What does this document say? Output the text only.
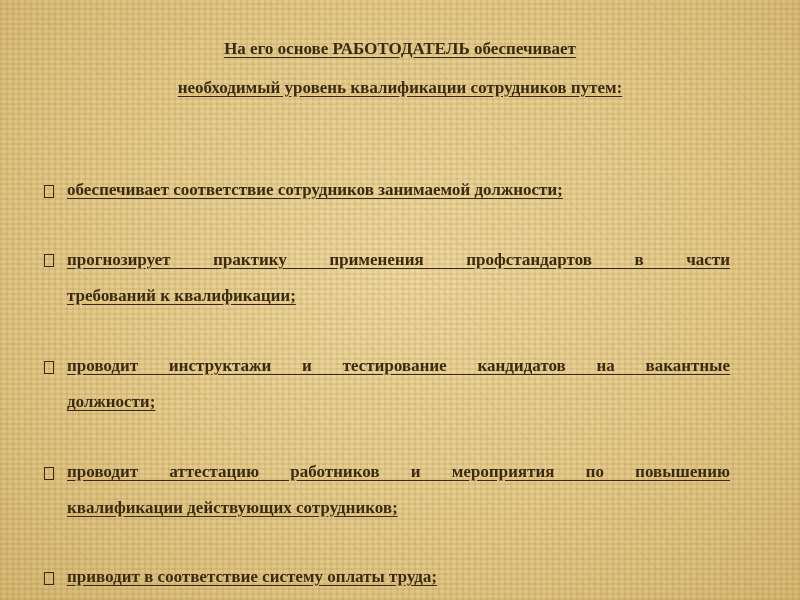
На его основе РАБОТОДАТЕЛЬ обеспечивает
необходимый уровень квалификации сотрудников путем:
обеспечивает соответствие сотрудников занимаемой должности;
прогнозирует практику применения профстандартов в части
требований к квалификации;
проводит инструктажи и тестирование кандидатов на вакантные
должности;
проводит аттестацию работников и мероприятия по повышению
квалификации действующих сотрудников;
приводит в соответствие систему оплаты труда;
